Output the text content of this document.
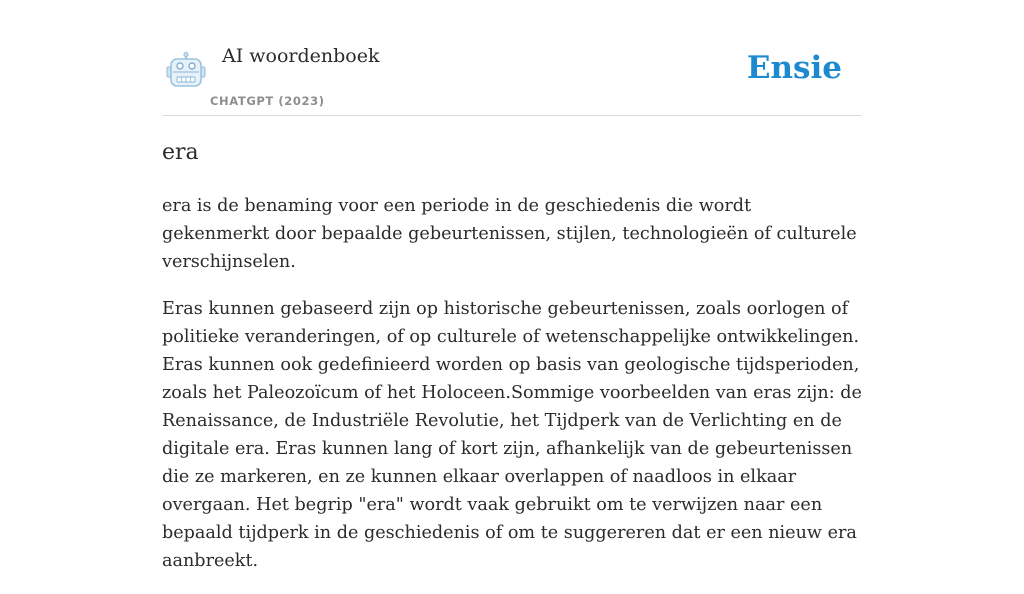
AI woordenboek
CHATGPT (2023)
Ensie
era

era is de benaming voor een periode in de geschiedenis die wordt gekenmerkt door bepaalde gebeurtenissen, stijlen, technologieën of culturele verschijnselen.

Eras kunnen gebaseerd zijn op historische gebeurtenissen, zoals oorlogen of politieke veranderingen, of op culturele of wetenschappelijke ontwikkelingen. Eras kunnen ook gedefinieerd worden op basis van geologische tijdsperioden, zoals het Paleozoïcum of het Holoceen.Sommige voorbeelden van eras zijn: de Renaissance, de Industriële Revolutie, het Tijdperk van de Verlichting en de digitale era. Eras kunnen lang of kort zijn, afhankelijk van de gebeurtenissen die ze markeren, en ze kunnen elkaar overlappen of naadloos in elkaar overgaan. Het begrip "era" wordt vaak gebruikt om te verwijzen naar een bepaald tijdperk in de geschiedenis of om te suggereren dat er een nieuw era aanbreekt.
